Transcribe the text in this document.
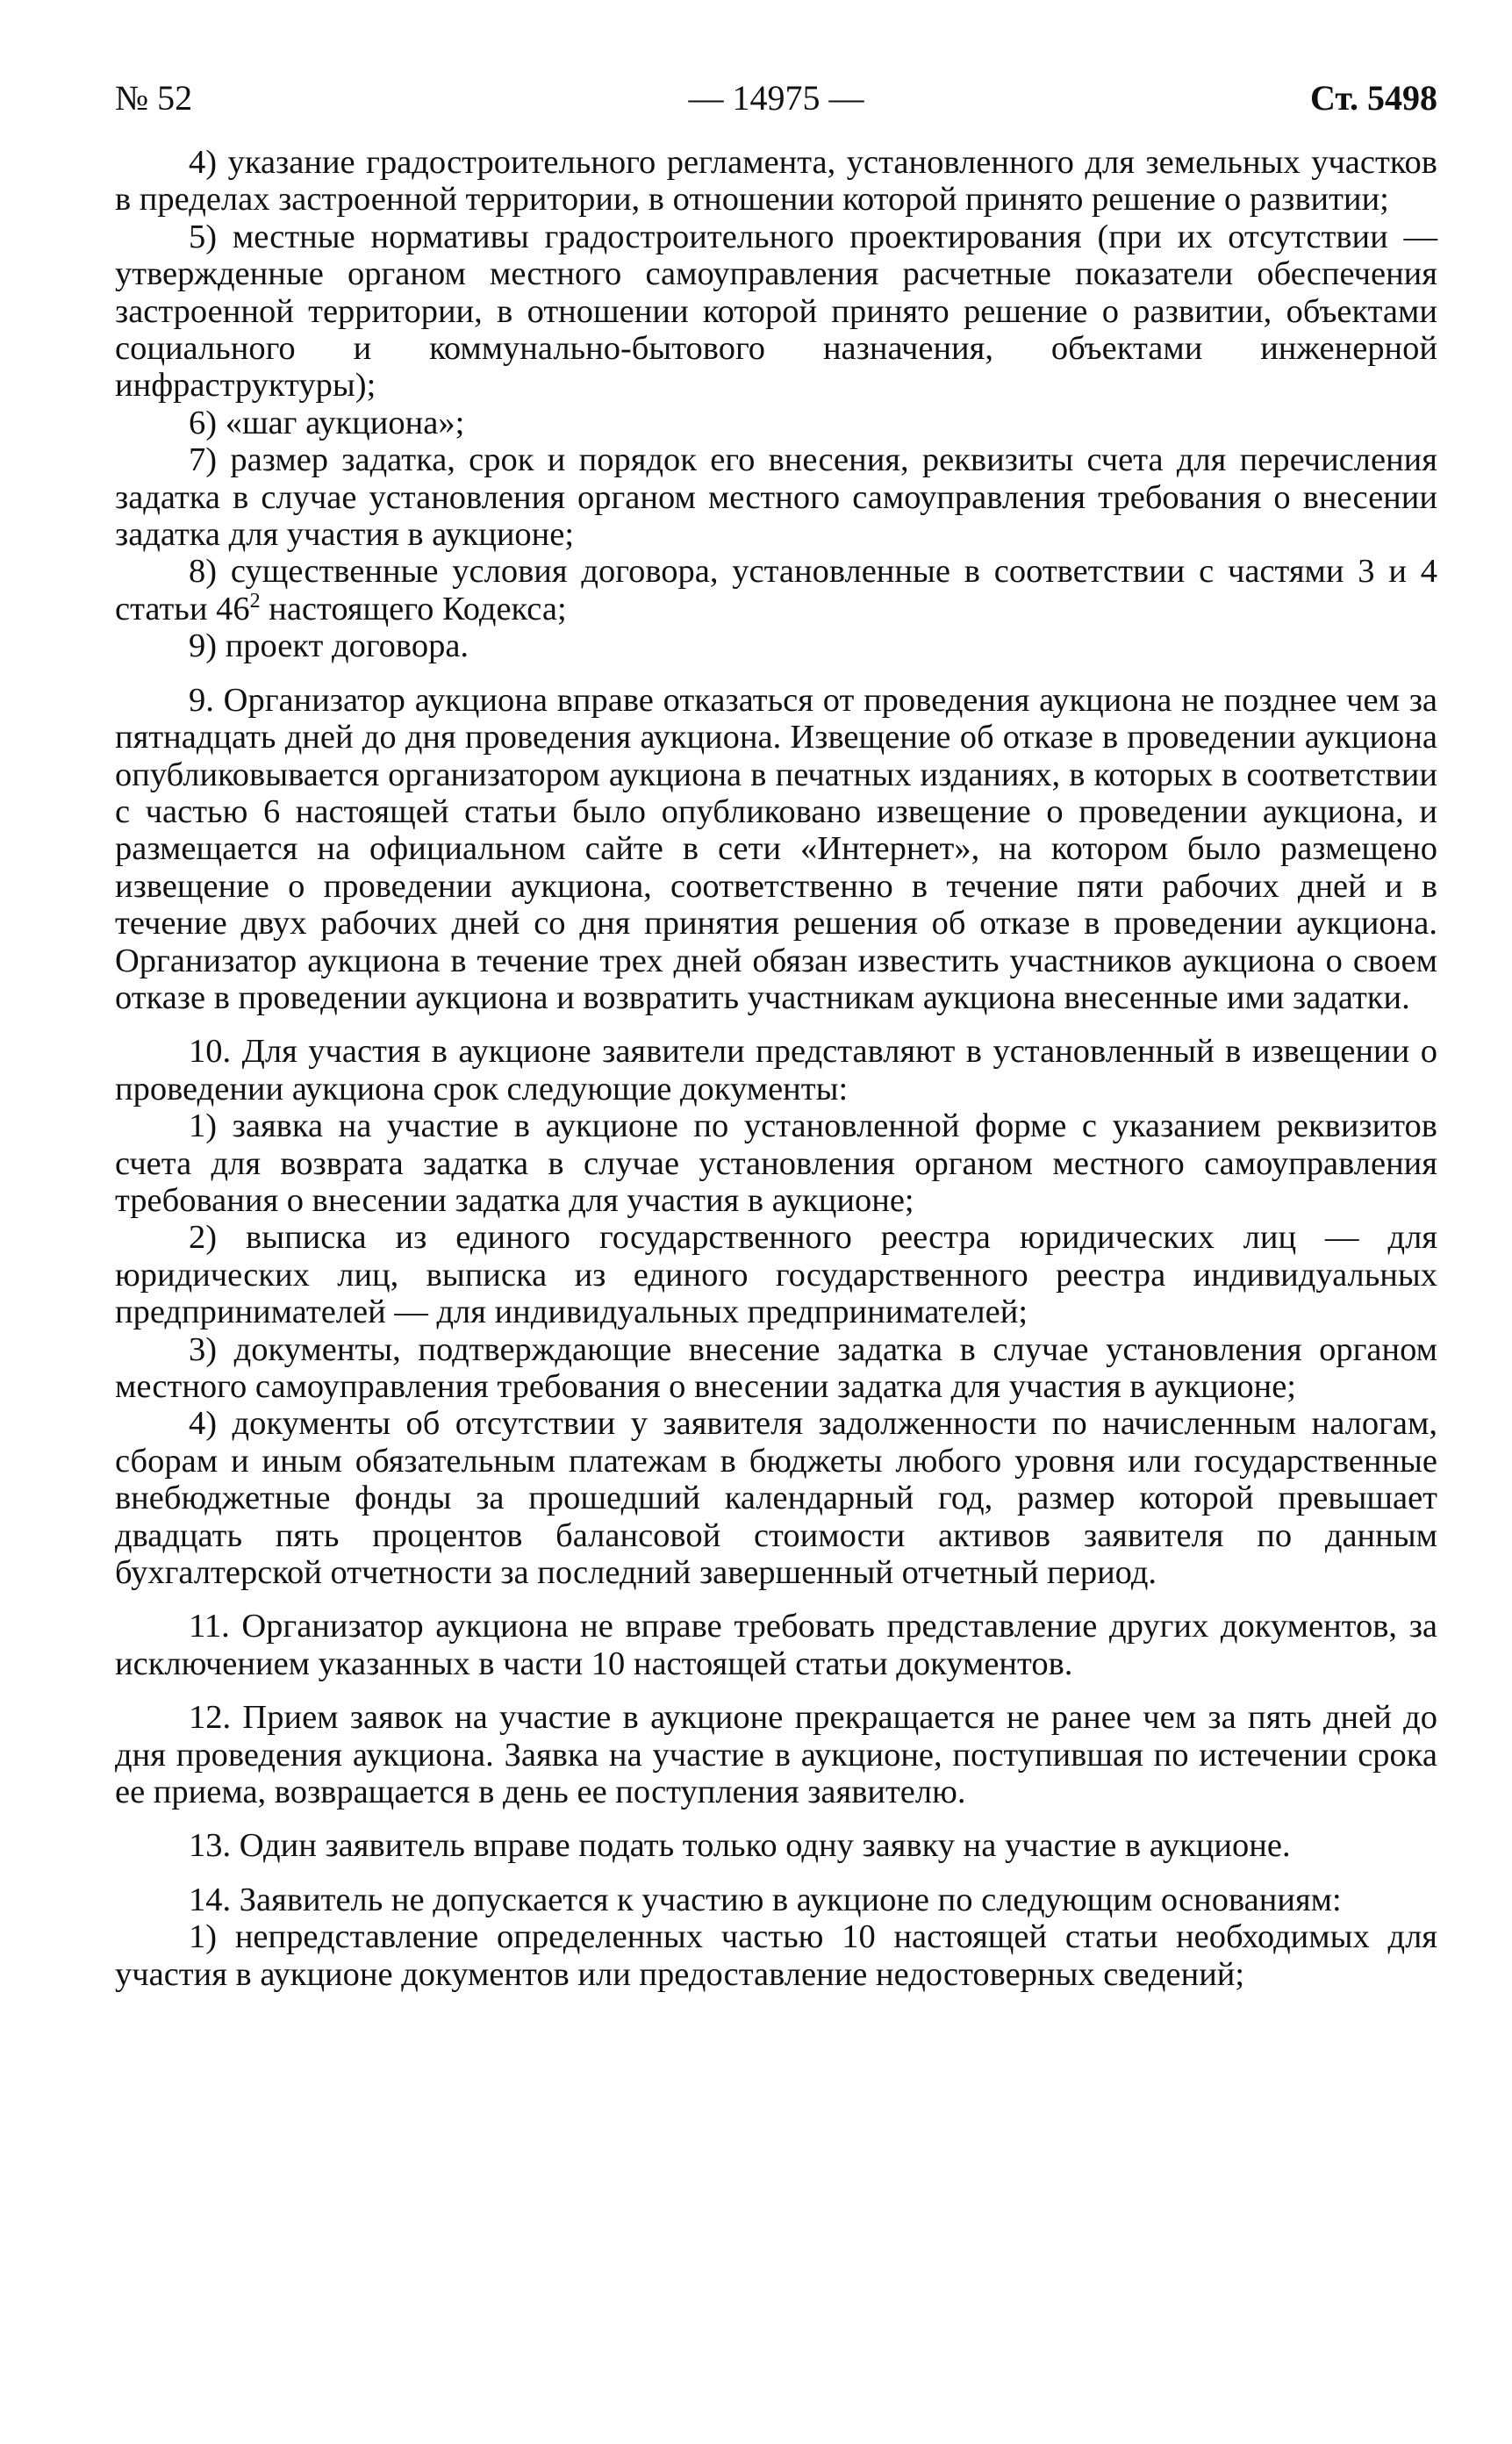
№ 52	— 14975 —	Ст. 5498

4) указание градостроительного регламента, установленного для земельных участков в пределах застроенной территории, в отношении которой принято решение о развитии;

5) местные нормативы градостроительного проектирования (при их отсутствии — утвержденные органом местного самоуправления расчетные показатели обеспечения застроенной территории, в отношении которой принято решение о развитии, объектами социального и коммунально-бытового назначения, объектами инженерной инфраструктуры);

6) «шаг аукциона»;

7) размер задатка, срок и порядок его внесения, реквизиты счета для перечисления задатка в случае установления органом местного самоуправления требования о внесении задатка для участия в аукционе;

8) существенные условия договора, установленные в соответствии с частями 3 и 4 статьи $46^2$ настоящего Кодекса;

9) проект договора.

9. Организатор аукциона вправе отказаться от проведения аукциона не позднее чем за пятнадцать дней до дня проведения аукциона. Извещение об отказе в проведении аукциона опубликовывается организатором аукциона в печатных изданиях, в которых в соответствии с частью 6 настоящей статьи было опубликовано извещение о проведении аукциона, и размещается на официальном сайте в сети «Интернет», на котором было размещено извещение о проведении аукциона, соответственно в течение пяти рабочих дней и в течение двух рабочих дней со дня принятия решения об отказе в проведении аукциона. Организатор аукциона в течение трех дней обязан известить участников аукциона о своем отказе в проведении аукциона и возвратить участникам аукциона внесенные ими задатки.

10. Для участия в аукционе заявители представляют в установленный в извещении о проведении аукциона срок следующие документы:

1) заявка на участие в аукционе по установленной форме с указанием реквизитов счета для возврата задатка в случае установления органом местного самоуправления требования о внесении задатка для участия в аукционе;

2) выписка из единого государственного реестра юридических лиц — для юридических лиц, выписка из единого государственного реестра индивидуальных предпринимателей — для индивидуальных предпринимателей;

3) документы, подтверждающие внесение задатка в случае установления органом местного самоуправления требования о внесении задатка для участия в аукционе;

4) документы об отсутствии у заявителя задолженности по начисленным налогам, сборам и иным обязательным платежам в бюджеты любого уровня или государственные внебюджетные фонды за прошедший календарный год, размер которой превышает двадцать пять процентов балансовой стоимости активов заявителя по данным бухгалтерской отчетности за последний завершенный отчетный период.

11. Организатор аукциона не вправе требовать представление других документов, за исключением указанных в части 10 настоящей статьи документов.

12. Прием заявок на участие в аукционе прекращается не ранее чем за пять дней до дня проведения аукциона. Заявка на участие в аукционе, поступившая по истечении срока ее приема, возвращается в день ее поступления заявителю.

13. Один заявитель вправе подать только одну заявку на участие в аукционе.

14. Заявитель не допускается к участию в аукционе по следующим основаниям:

1) непредставление определенных частью 10 настоящей статьи необходимых для участия в аукционе документов или предоставление недостоверных сведений;
